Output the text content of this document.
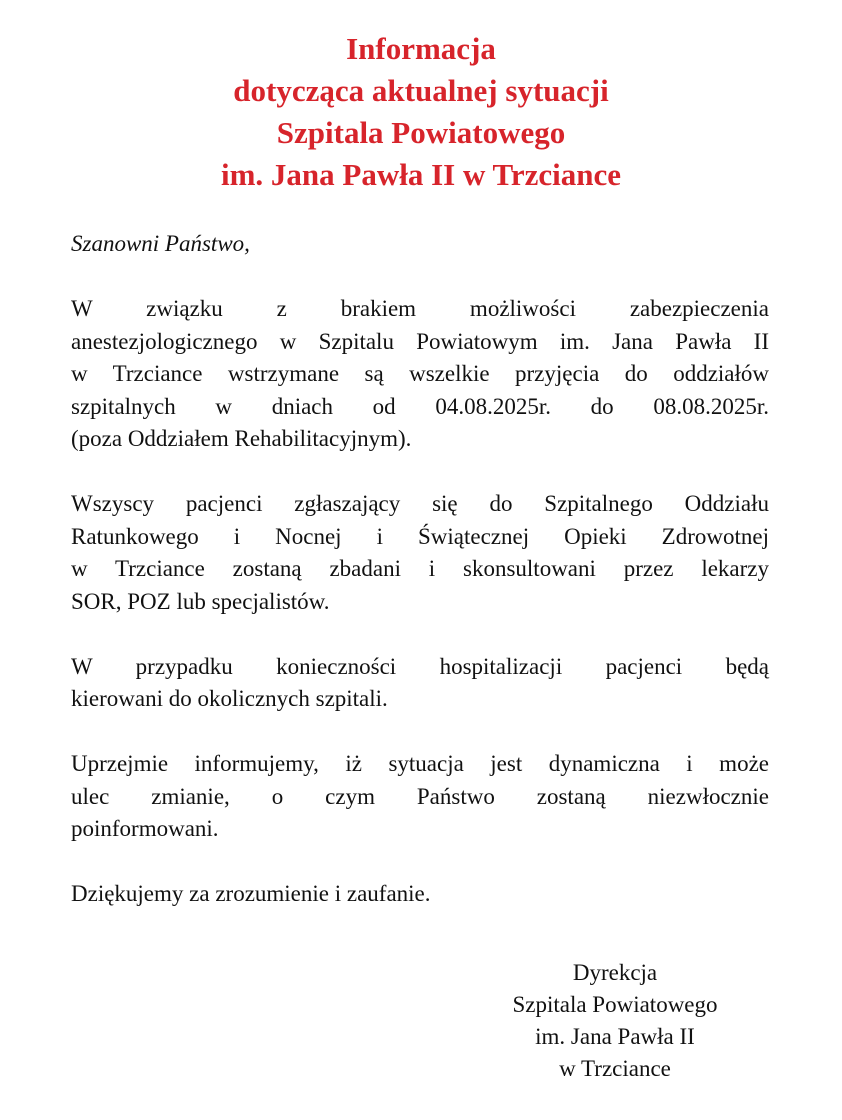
Informacja
dotycząca aktualnej sytuacji
Szpitala Powiatowego
im. Jana Pawła II w Trzciance

Szanowni Państwo,

W związku z brakiem możliwości zabezpieczenia
anestezjologicznego w Szpitalu Powiatowym im. Jana Pawła II
w Trzciance wstrzymane są wszelkie przyjęcia do oddziałów
szpitalnych w dniach od 04.08.2025r. do 08.08.2025r.
(poza Oddziałem Rehabilitacyjnym).

Wszyscy pacjenci zgłaszający się do Szpitalnego Oddziału
Ratunkowego i Nocnej i Świątecznej Opieki Zdrowotnej
w Trzciance zostaną zbadani i skonsultowani przez lekarzy
SOR, POZ lub specjalistów.

W przypadku konieczności hospitalizacji pacjenci będą
kierowani do okolicznych szpitali.

Uprzejmie informujemy, iż sytuacja jest dynamiczna i może
ulec zmianie, o czym Państwo zostaną niezwłocznie
poinformowani.

Dziękujemy za zrozumienie i zaufanie.

Dyrekcja
Szpitala Powiatowego
im. Jana Pawła II
w Trzciance
